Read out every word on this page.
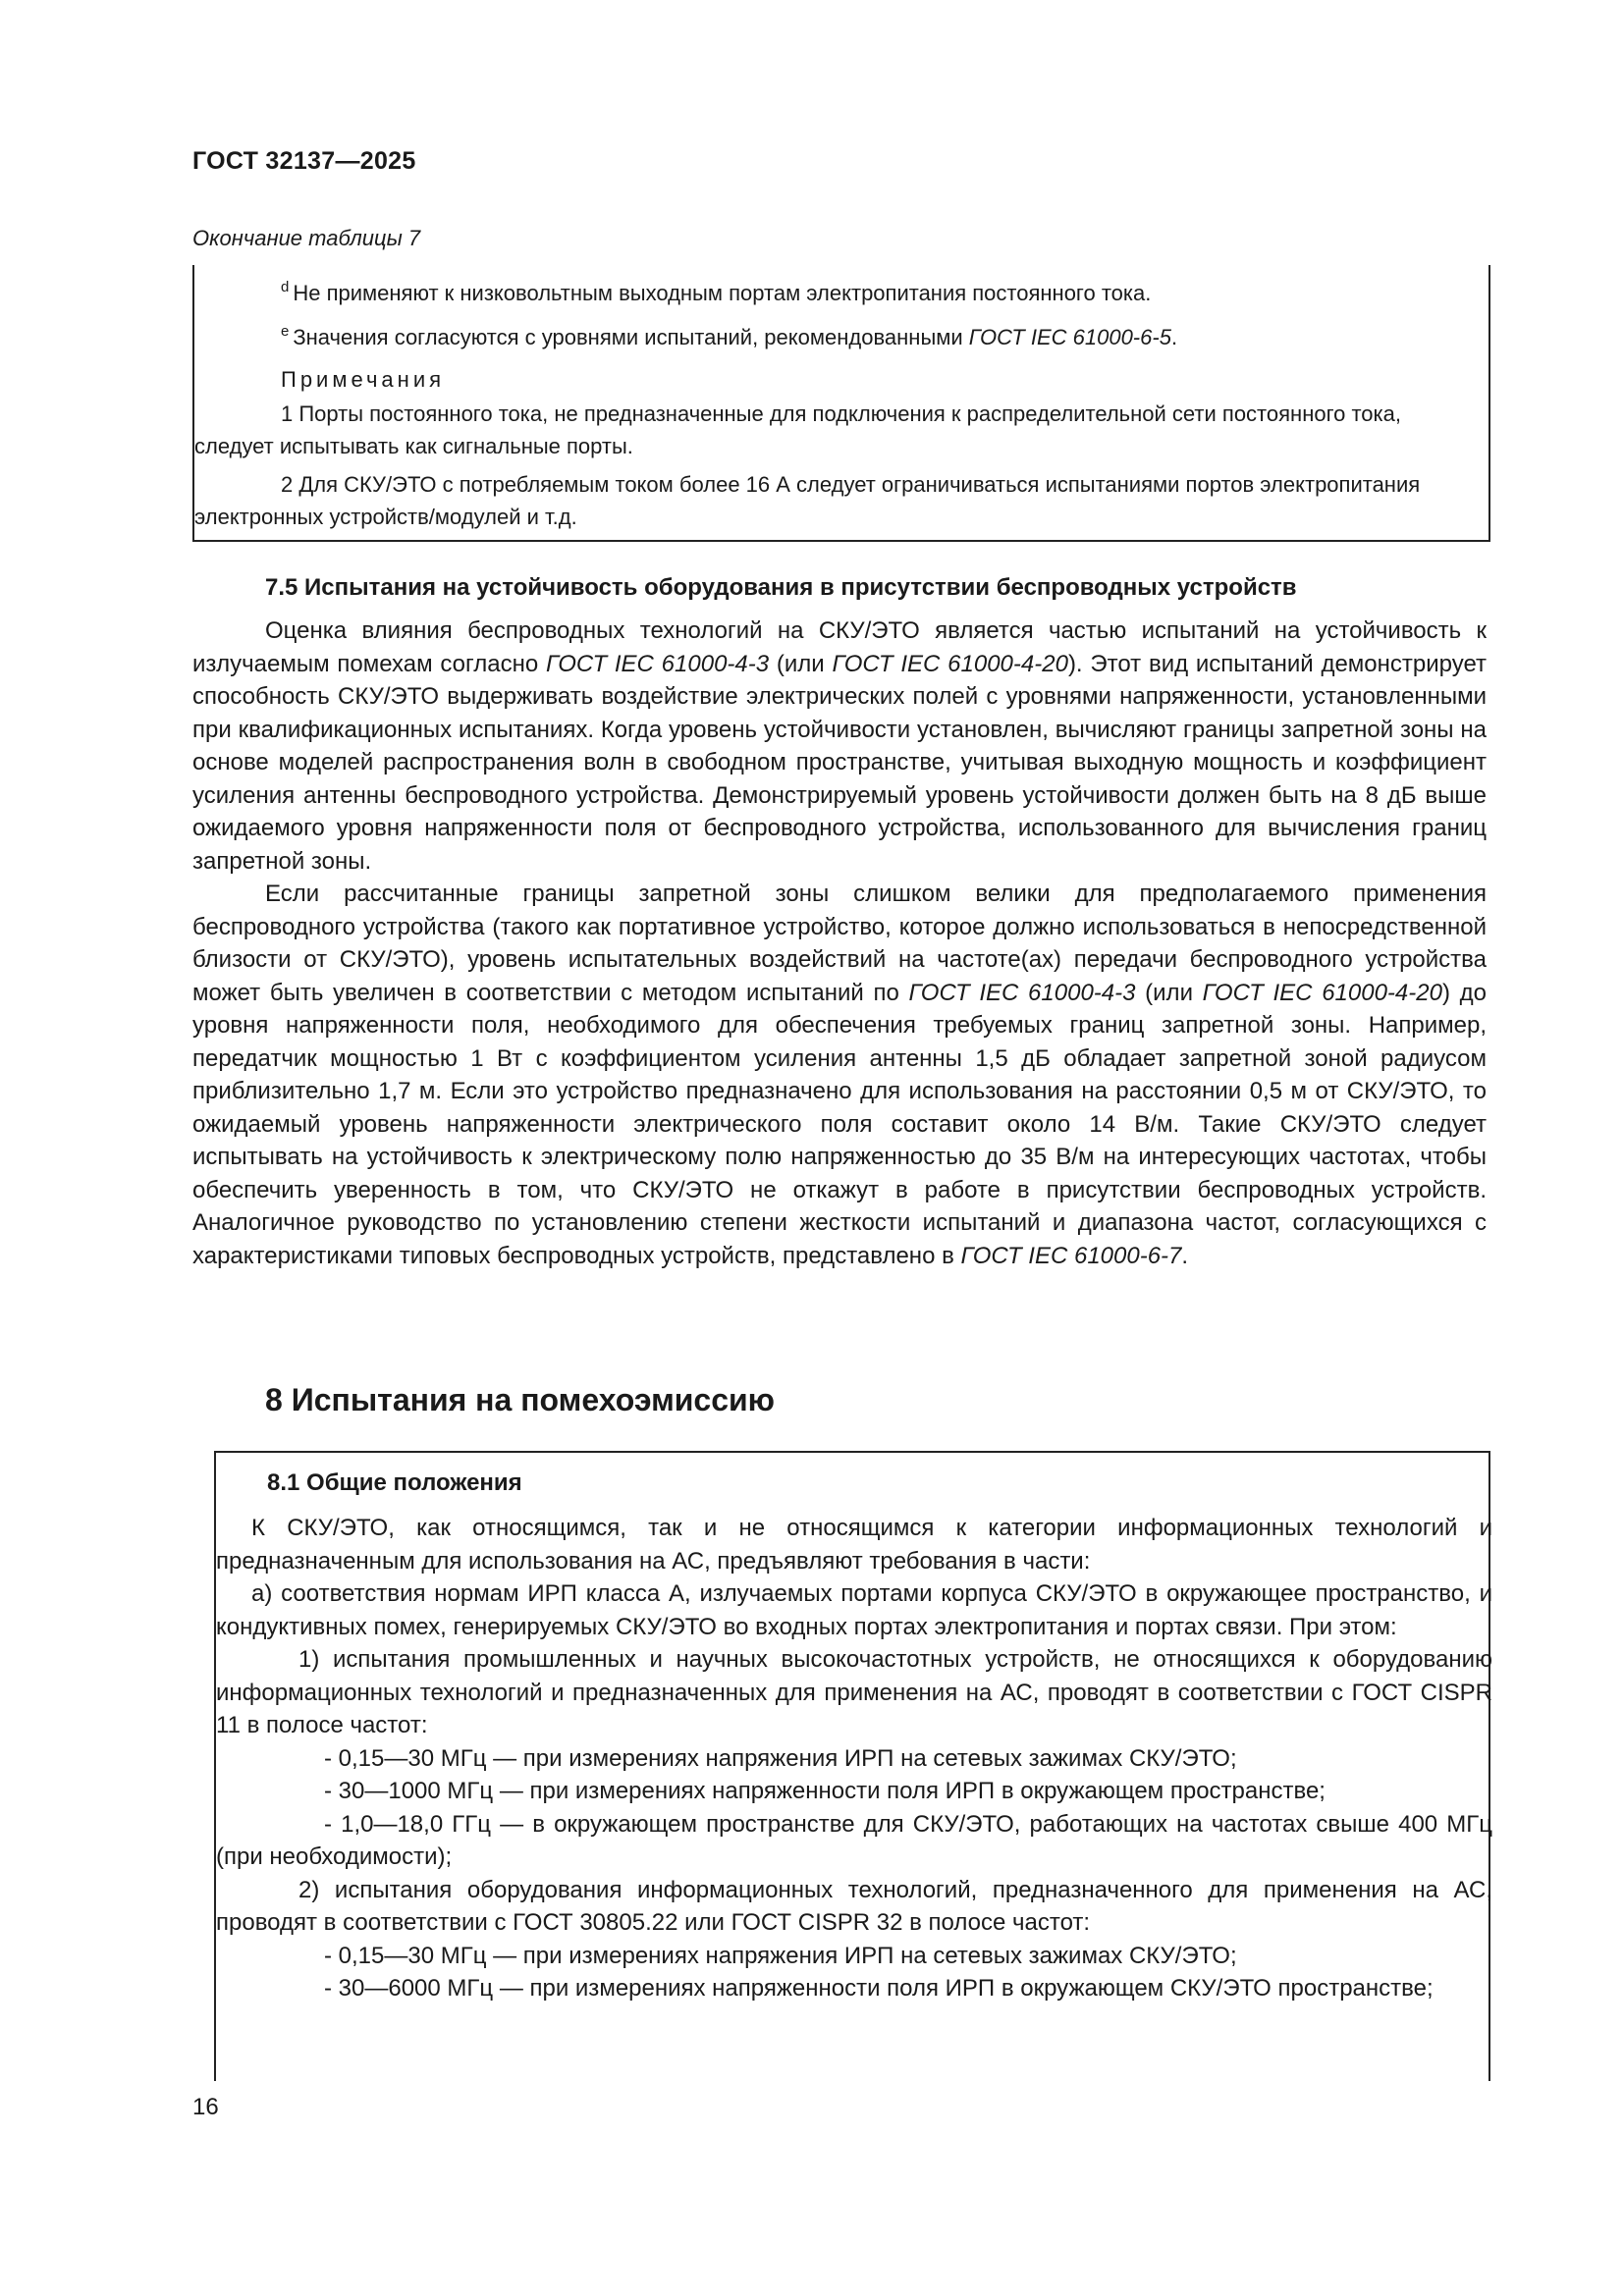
ГОСТ 32137—2025
Окончание таблицы 7

$^d$ Не применяют к низковольтным выходным портам электропитания постоянного тока.

$^e$ Значения согласуются с уровнями испытаний, рекомендованными ГОСТ IEC 61000-6-5.

Примечания

1 Порты постоянного тока, не предназначенные для подключения к распределительной сети постоянного тока, следует испытывать как сигнальные порты.

2 Для СКУ/ЭТО с потребляемым током более 16 А следует ограничиваться испытаниями портов электропитания электронных устройств/модулей и т.д.

7.5 Испытания на устойчивость оборудования в присутствии беспроводных устройств

Оценка влияния беспроводных технологий на СКУ/ЭТО является частью испытаний на устойчивость к излучаемым помехам согласно ГОСТ IEC 61000-4-3 (или ГОСТ IEC 61000-4-20). Этот вид испытаний демонстрирует способность СКУ/ЭТО выдерживать воздействие электрических полей с уровнями напряженности, установленными при квалификационных испытаниях. Когда уровень устойчивости установлен, вычисляют границы запретной зоны на основе моделей распространения волн в свободном пространстве, учитывая выходную мощность и коэффициент усиления антенны беспроводного устройства. Демонстрируемый уровень устойчивости должен быть на 8 дБ выше ожидаемого уровня напряженности поля от беспроводного устройства, использованного для вычисления границ запретной зоны.

Если рассчитанные границы запретной зоны слишком велики для предполагаемого применения беспроводного устройства (такого как портативное устройство, которое должно использоваться в непосредственной близости от СКУ/ЭТО), уровень испытательных воздействий на частоте(ах) передачи беспроводного устройства может быть увеличен в соответствии с методом испытаний по ГОСТ IEC 61000-4-3 (или ГОСТ IEC 61000-4-20) до уровня напряженности поля, необходимого для обеспечения требуемых границ запретной зоны. Например, передатчик мощностью 1 Вт с коэффициентом усиления антенны 1,5 дБ обладает запретной зоной радиусом приблизительно 1,7 м. Если это устройство предназначено для использования на расстоянии 0,5 м от СКУ/ЭТО, то ожидаемый уровень напряженности электрического поля составит около 14 В/м. Такие СКУ/ЭТО следует испытывать на устойчивость к электрическому полю напряженностью до 35 В/м на интересующих частотах, чтобы обеспечить уверенность в том, что СКУ/ЭТО не откажут в работе в присутствии беспроводных устройств. Аналогичное руководство по установлению степени жесткости испытаний и диапазона частот, согласующихся с характеристиками типовых беспроводных устройств, представлено в ГОСТ IEC 61000-6-7.

8 Испытания на помехоэмиссию
8.1 Общие положения

К СКУ/ЭТО, как относящимся, так и не относящимся к категории информационных технологий и предназначенным для использования на АС, предъявляют требования в части:

а) соответствия нормам ИРП класса А, излучаемых портами корпуса СКУ/ЭТО в окружающее пространство, и кондуктивных помех, генерируемых СКУ/ЭТО во входных портах электропитания и портах связи. При этом:

1) испытания промышленных и научных высокочастотных устройств, не относящихся к оборудованию информационных технологий и предназначенных для применения на АС, проводят в соответствии с ГОСТ CISPR 11 в полосе частот:

- 0,15—30 МГц — при измерениях напряжения ИРП на сетевых зажимах СКУ/ЭТО;

- 30—1000 МГц — при измерениях напряженности поля ИРП в окружающем пространстве;

- 1,0—18,0 ГГц — в окружающем пространстве для СКУ/ЭТО, работающих на частотах свыше 400 МГц (при необходимости);

2) испытания оборудования информационных технологий, предназначенного для применения на АС, проводят в соответствии с ГОСТ 30805.22 или ГОСТ CISPR 32 в полосе частот:

- 0,15—30 МГц — при измерениях напряжения ИРП на сетевых зажимах СКУ/ЭТО;

- 30—6000 МГц — при измерениях напряженности поля ИРП в окружающем СКУ/ЭТО пространстве;

16
